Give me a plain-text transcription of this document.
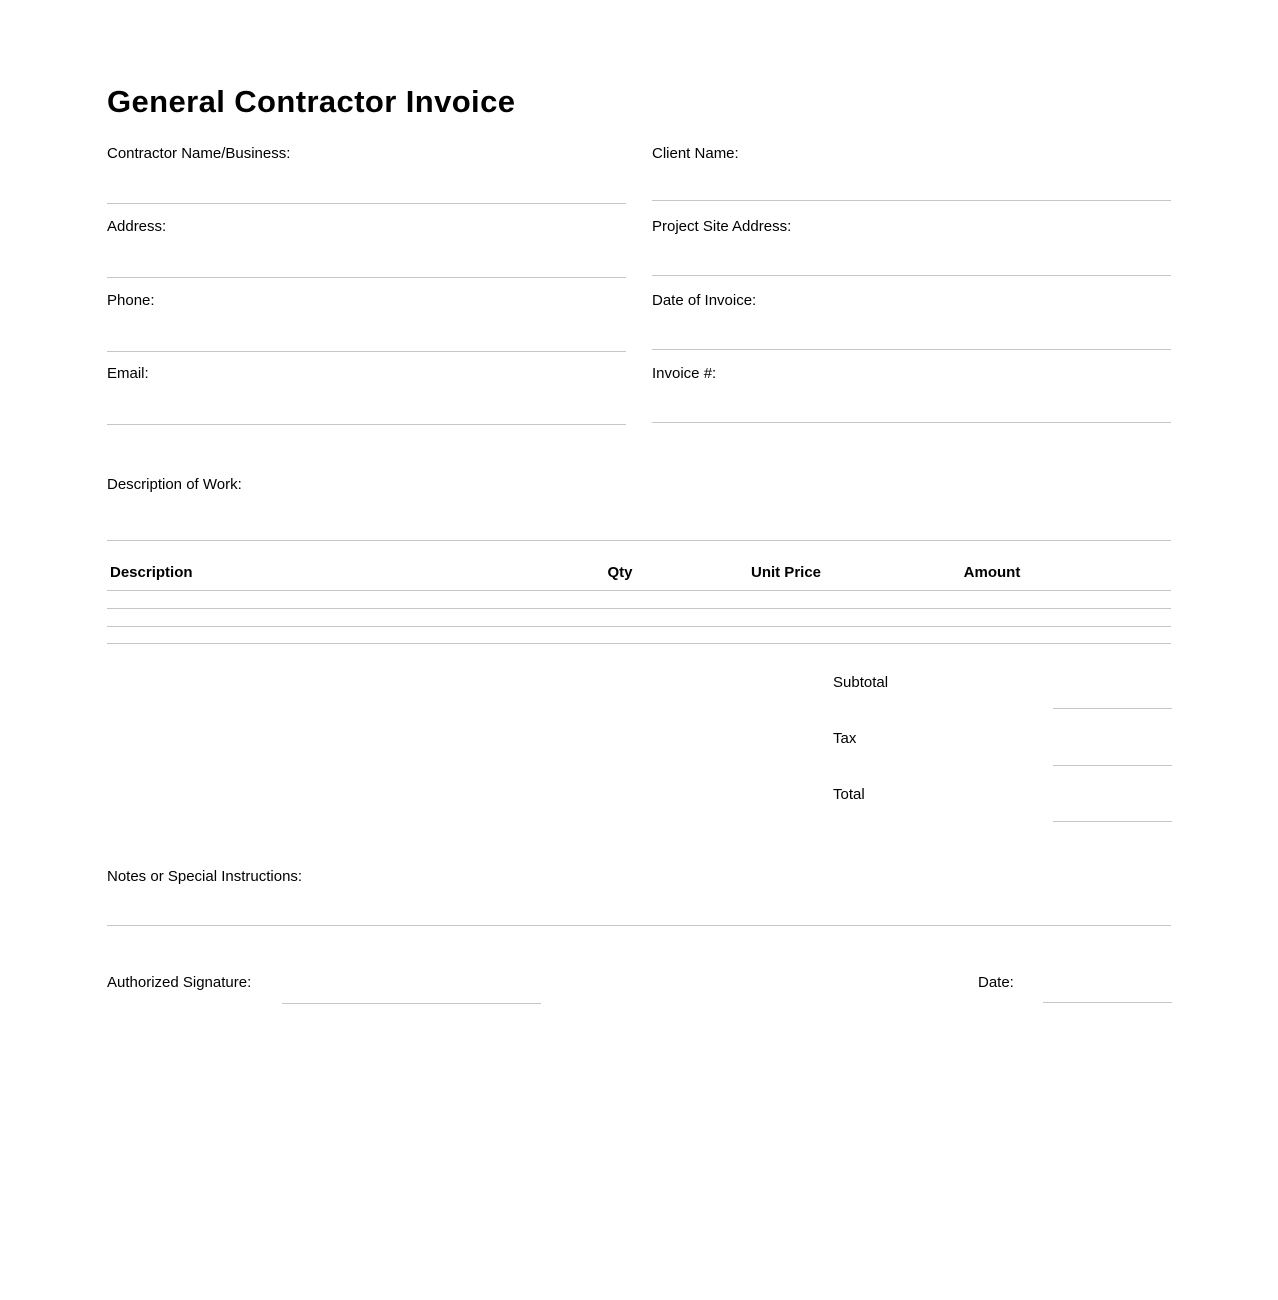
General Contractor Invoice
Contractor Name/Business:
Address:
Phone:
Email:
Client Name:
Project Site Address:
Date of Invoice:
Invoice #:
Description of Work:
Description	Qty	Unit Price	Amount
Subtotal
Tax
Total
Notes or Special Instructions:
Authorized Signature:	Date:
